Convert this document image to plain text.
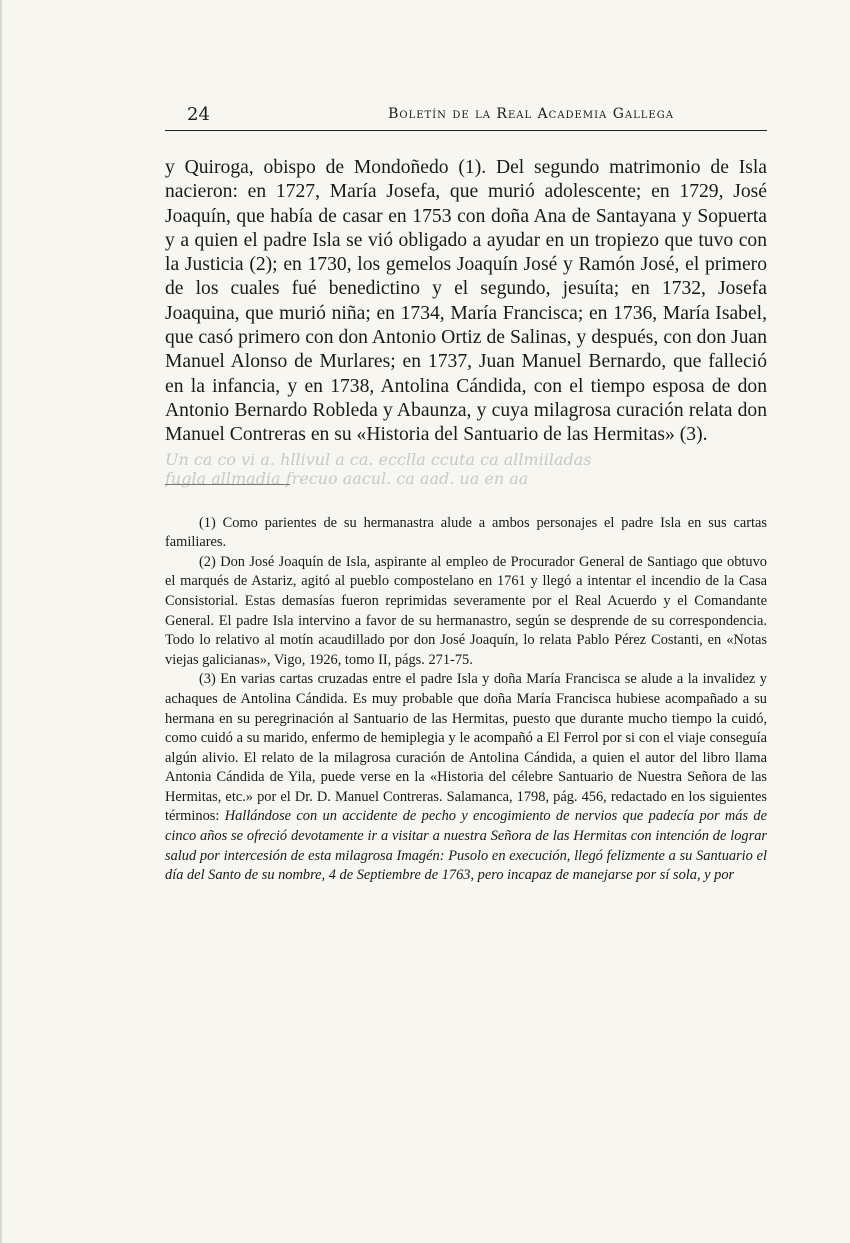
24	Boletín de la Real Academia Gallega

y Quiroga, obispo de Mondoñedo (1). Del segundo matrimonio de Isla nacieron: en 1727, María Josefa, que murió adolescente; en 1729, José Joaquín, que había de casar en 1753 con doña Ana de Santayana y Sopuerta y a quien el padre Isla se vió obligado a ayudar en un tropiezo que tuvo con la Justicia (2); en 1730, los gemelos Joaquín José y Ramón José, el primero de los cuales fué benedictino y el segundo, jesuíta; en 1732, Josefa Joaquina, que murió niña; en 1734, María Francisca; en 1736, María Isabel, que casó primero con don Antonio Ortiz de Salinas, y después, con don Juan Manuel Alonso de Murlares; en 1737, Juan Manuel Bernardo, que falleció en la infancia, y en 1738, Antolina Cándida, con el tiempo esposa de don Antonio Bernardo Robleda y Abaunza, y cuya milagrosa curación relata don Manuel Contreras en su «Historia del Santuario de las Hermitas» (3).

Un ca co vi a. hllivul a ca. ecclla ccuta ca allmiiladas
fugla allmadia frecuo aacul. ca aad. ua en aa

(1) Como parientes de su hermanastra alude a ambos personajes el padre Isla en sus cartas familiares.

(2) Don José Joaquín de Isla, aspirante al empleo de Procurador General de Santiago que obtuvo el marqués de Astariz, agitó al pueblo compostelano en 1761 y llegó a intentar el incendio de la Casa Consistorial. Estas demasías fueron reprimidas severamente por el Real Acuerdo y el Comandante General. El padre Isla intervino a favor de su hermanastro, según se desprende de su correspondencia. Todo lo relativo al motín acaudillado por don José Joaquín, lo relata Pablo Pérez Costanti, en «Notas viejas galicianas», Vigo, 1926, tomo II, págs. 271-75.

(3) En varias cartas cruzadas entre el padre Isla y doña María Francisca se alude a la invalidez y achaques de Antolina Cándida. Es muy probable que doña María Francisca hubiese acompañado a su hermana en su peregrinación al Santuario de las Hermitas, puesto que durante mucho tiempo la cuidó, como cuidó a su marido, enfermo de hemiplegia y le acompañó a El Ferrol por si con el viaje conseguía algún alivio. El relato de la milagrosa curación de Antolina Cándida, a quien el autor del libro llama Antonia Cándida de Yila, puede verse en la «Historia del célebre Santuario de Nuestra Señora de las Hermitas, etc.» por el Dr. D. Manuel Contreras. Salamanca, 1798, pág. 456, redactado en los siguientes términos: Hallándose con un accidente de pecho y encogimiento de nervios que padecía por más de cinco años se ofreció devotamente ir a visitar a nuestra Señora de las Hermitas con intención de lograr salud por intercesión de esta milagrosa Imagén: Pusolo en execución, llegó felizmente a su Santuario el día del Santo de su nombre, 4 de Septiembre de 1763, pero incapaz de manejarse por sí sola, y por
